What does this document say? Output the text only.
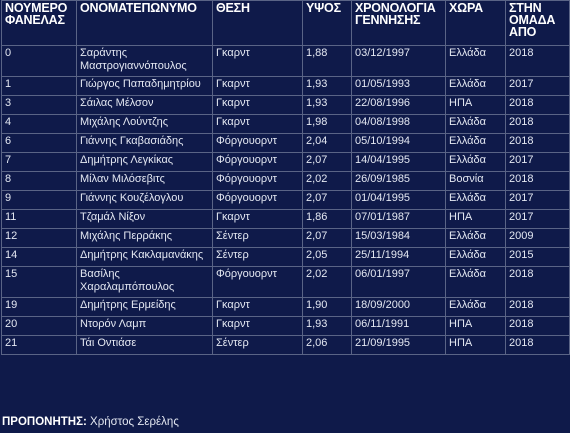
ΝΟΥΜΕΡΟ ΦΑΝΕΛΑΣ	ΟΝΟΜΑΤΕΠΩΝΥΜΟ	ΘΕΣΗ	ΥΨΟΣ	ΧΡΟΝΟΛΟΓΙΑ ΓΕΝΝΗΣΗΣ	ΧΩΡΑ	ΣΤΗΝ ΟΜΑΔΑ ΑΠΟ
0	Σαράντης Μαστρογιαννόπουλος	Γκαρντ	1,88	03/12/1997	Ελλάδα	2018
1	Γιώργος Παπαδημητρίου	Γκαρντ	1,93	01/05/1993	Ελλάδα	2017
3	Σάιλας Μέλσον	Γκαρντ	1,93	22/08/1996	ΗΠΑ	2018
4	Μιχάλης Λούντζης	Γκαρντ	1,98	04/08/1998	Ελλάδα	2018
6	Γιάννης Γκαβασιάδης	Φόργουορντ	2,04	05/10/1994	Ελλάδα	2018
7	Δημήτρης Λεγκίκας	Φόργουορντ	2,07	14/04/1995	Ελλάδα	2017
8	Μίλαν Μιλόσεβιτς	Φόργουορντ	2,02	26/09/1985	Βοσνία	2018
9	Γιάννης Κουζέλογλου	Φόργουορντ	2,07	01/04/1995	Ελλάδα	2017
11	Τζαμάλ Νίξον	Γκαρντ	1,86	07/01/1987	ΗΠΑ	2017
12	Μιχάλης Περράκης	Σέντερ	2,07	15/03/1984	Ελλάδα	2009
14	Δημήτρης Κακλαμανάκης	Σέντερ	2,05	25/11/1994	Ελλάδα	2015
15	Βασίλης Χαραλαμπόπουλος	Φόργουορντ	2,02	06/01/1997	Ελλάδα	2018
19	Δημήτρης Ερμείδης	Γκαρντ	1,90	18/09/2000	Ελλάδα	2018
20	Ντορόν Λαμπ	Γκαρντ	1,93	06/11/1991	ΗΠΑ	2018
21	Τάι Οντιάσε	Σέντερ	2,06	21/09/1995	ΗΠΑ	2018
ΠΡΟΠΟΝΗΤΗΣ: Χρήστος Σερέλης
